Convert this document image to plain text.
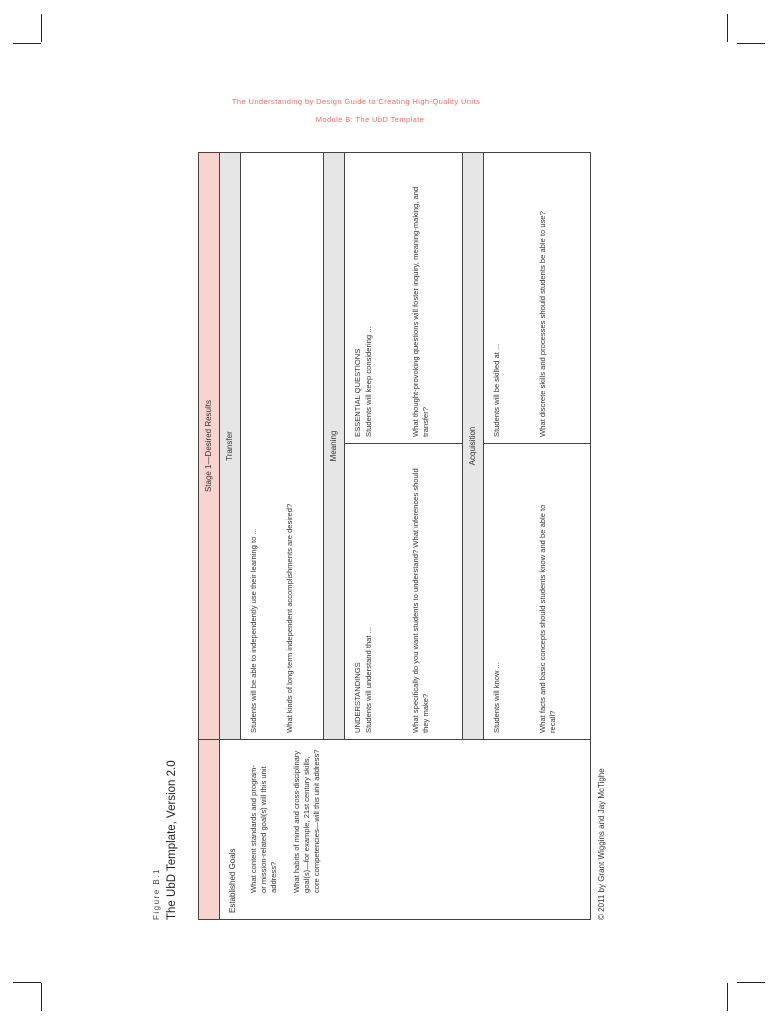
The Understanding by Design Guide to Creating High-Quality Units
Module B: The UbD Template
Figure B.1 The UbD Template, Version 2.0	Established Goals What content standards and program- or mission-related goal(s) will this unit address? What habits of mind and cross-disciplinary goal(s)—for example, 21st century skills, core competencies—will this unit address?
Stage 1—Desired Results	Transfer
Students will be able to independently use their learning to ...	What kinds of long-term independent accomplishments are desired?
Meaning
UNDERSTANDINGS Students will understand that ...	What specifically do you want students to understand? What inferences should they make?
ESSENTIAL QUESTIONS Students will keep considering ...	What thought-provoking questions will foster inquiry, meaning-making, and transfer?
Acquisition
Students will know ...	What facts and basic concepts should students know and be able to recall?
Students will be skilled at ...	What discrete skills and processes should students be able to use?
© 2011 by Grant Wiggins and Jay McTighe
